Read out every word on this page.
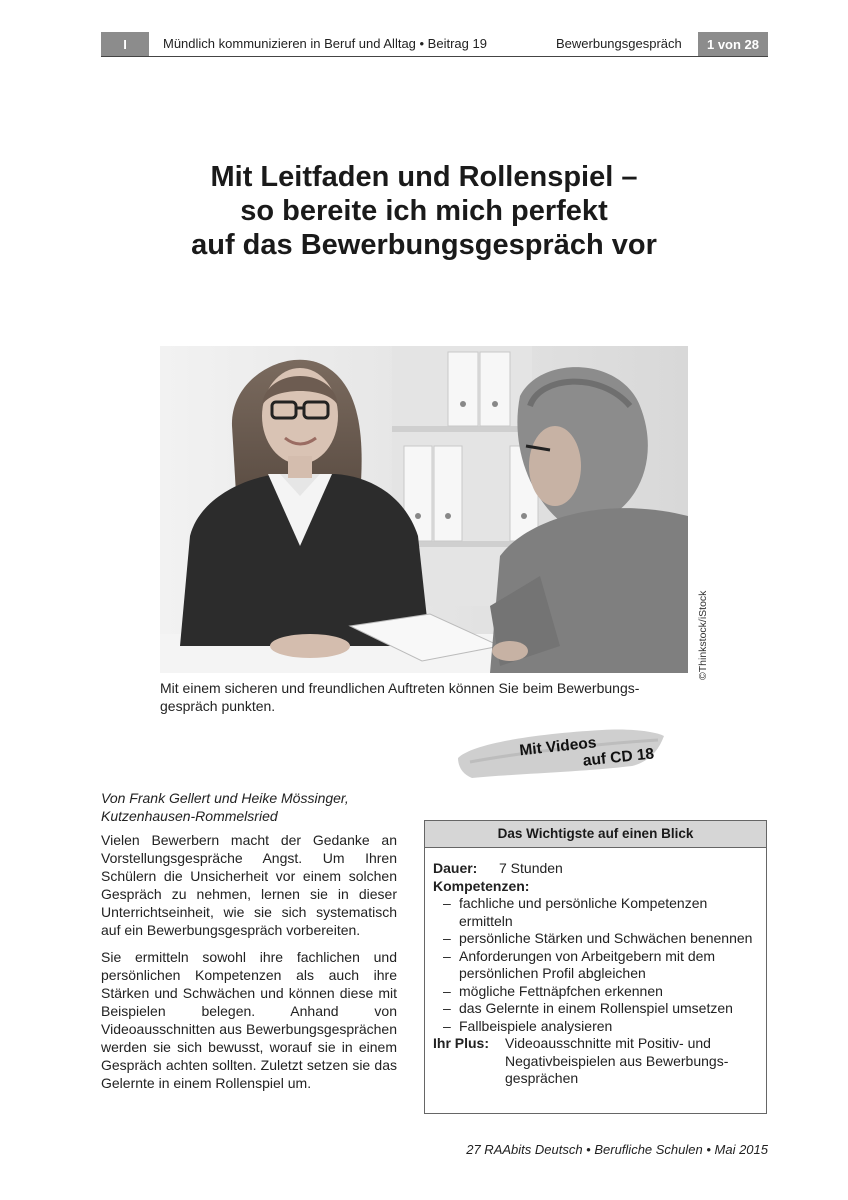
I	Mündlich kommunizieren in Beruf und Alltag • Beitrag 19	Bewerbungsgespräch	1 von 28
Mit Leitfaden und Rollenspiel –
so bereite ich mich perfekt
auf das Bewerbungsgespräch vor
©Thinkstock/iStock
Mit einem sicheren und freundlichen Auftreten können Sie beim Bewerbungs-gespräch punkten.
Mit Videos
auf CD 18
Von Frank Gellert und Heike Mössinger,
Kutzenhausen-Rommelsried

Vielen Bewerbern macht der Gedanke an Vorstellungsgespräche Angst. Um Ihren Schülern die Unsicherheit vor einem solchen Gespräch zu nehmen, lernen sie in dieser Unterrichtseinheit, wie sie sich systematisch auf ein Bewerbungsgespräch vorbereiten.

Sie ermitteln sowohl ihre fachlichen und persönlichen Kompetenzen als auch ihre Stärken und Schwächen und können diese mit Beispielen belegen. Anhand von Videoausschnitten aus Bewerbungsgesprächen werden sie sich bewusst, worauf sie in einem Gespräch achten sollten. Zuletzt setzen sie das Gelernte in einem Rollenspiel um.

Das Wichtigste auf einen Blick
Dauer:	7 Stunden
Kompetenzen:
– fachliche und persönliche Kompetenzen ermitteln
– persönliche Stärken und Schwächen benennen
– Anforderungen von Arbeitgebern mit dem persönlichen Profil abgleichen
– mögliche Fettnäpfchen erkennen
– das Gelernte in einem Rollenspiel umsetzen
– Fallbeispiele analysieren
Ihr Plus:	Videoausschnitte mit Positiv- und Negativbeispielen aus Bewerbungs-gesprächen
27 RAAbits Deutsch • Berufliche Schulen • Mai 2015
